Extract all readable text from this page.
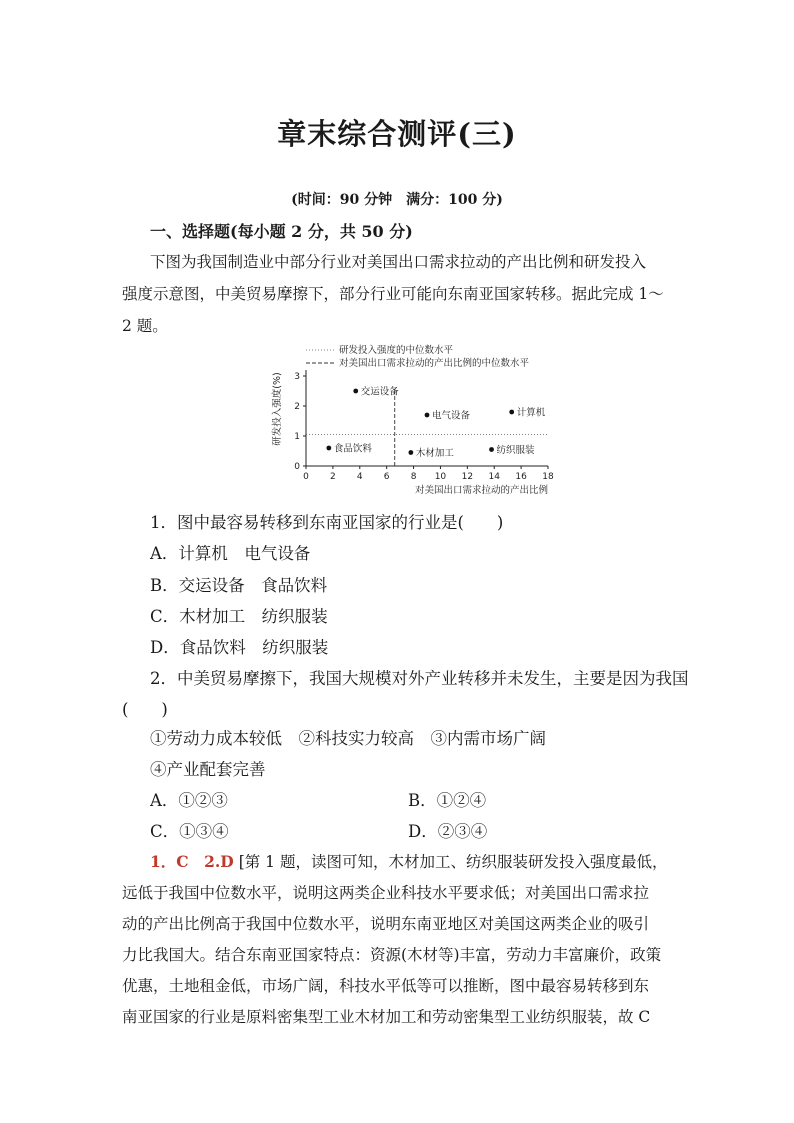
章末综合测评(三)
(时间：90 分钟　满分：100 分)
一、选择题(每小题 2 分，共 50 分)
下图为我国制造业中部分行业对美国出口需求拉动的产出比例和研发投入
强度示意图，中美贸易摩擦下，部分行业可能向东南亚国家转移。据此完成 1～
2 题。
0 2 4 6 8 10 12 14 16 18
0
1
2
3
研发投入强度的中位数水平
对美国出口需求拉动的产出比例的中位数水平
交运设备
电气设备	计算机
食品饮料	木材加工	纺织服装
对美国出口需求拉动的产出比例
研发投入强度(%)
1．图中最容易转移到东南亚国家的行业是(　　)
A．计算机　电气设备
B．交运设备　食品饮料
C．木材加工　纺织服装
D．食品饮料　纺织服装
2．中美贸易摩擦下，我国大规模对外产业转移并未发生，主要是因为我国
(　　)
①劳动力成本较低　②科技实力较高　③内需市场广阔
④产业配套完善
A．①②③	B．①②④
C．①③④	D．②③④
1．C　2.D [第 1 题，读图可知，木材加工、纺织服装研发投入强度最低，
远低于我国中位数水平，说明这两类企业科技水平要求低；对美国出口需求拉
动的产出比例高于我国中位数水平，说明东南亚地区对美国这两类企业的吸引
力比我国大。结合东南亚国家特点：资源(木材等)丰富，劳动力丰富廉价，政策
优惠，土地租金低，市场广阔，科技水平低等可以推断，图中最容易转移到东
南亚国家的行业是原料密集型工业木材加工和劳动密集型工业纺织服装，故 C
